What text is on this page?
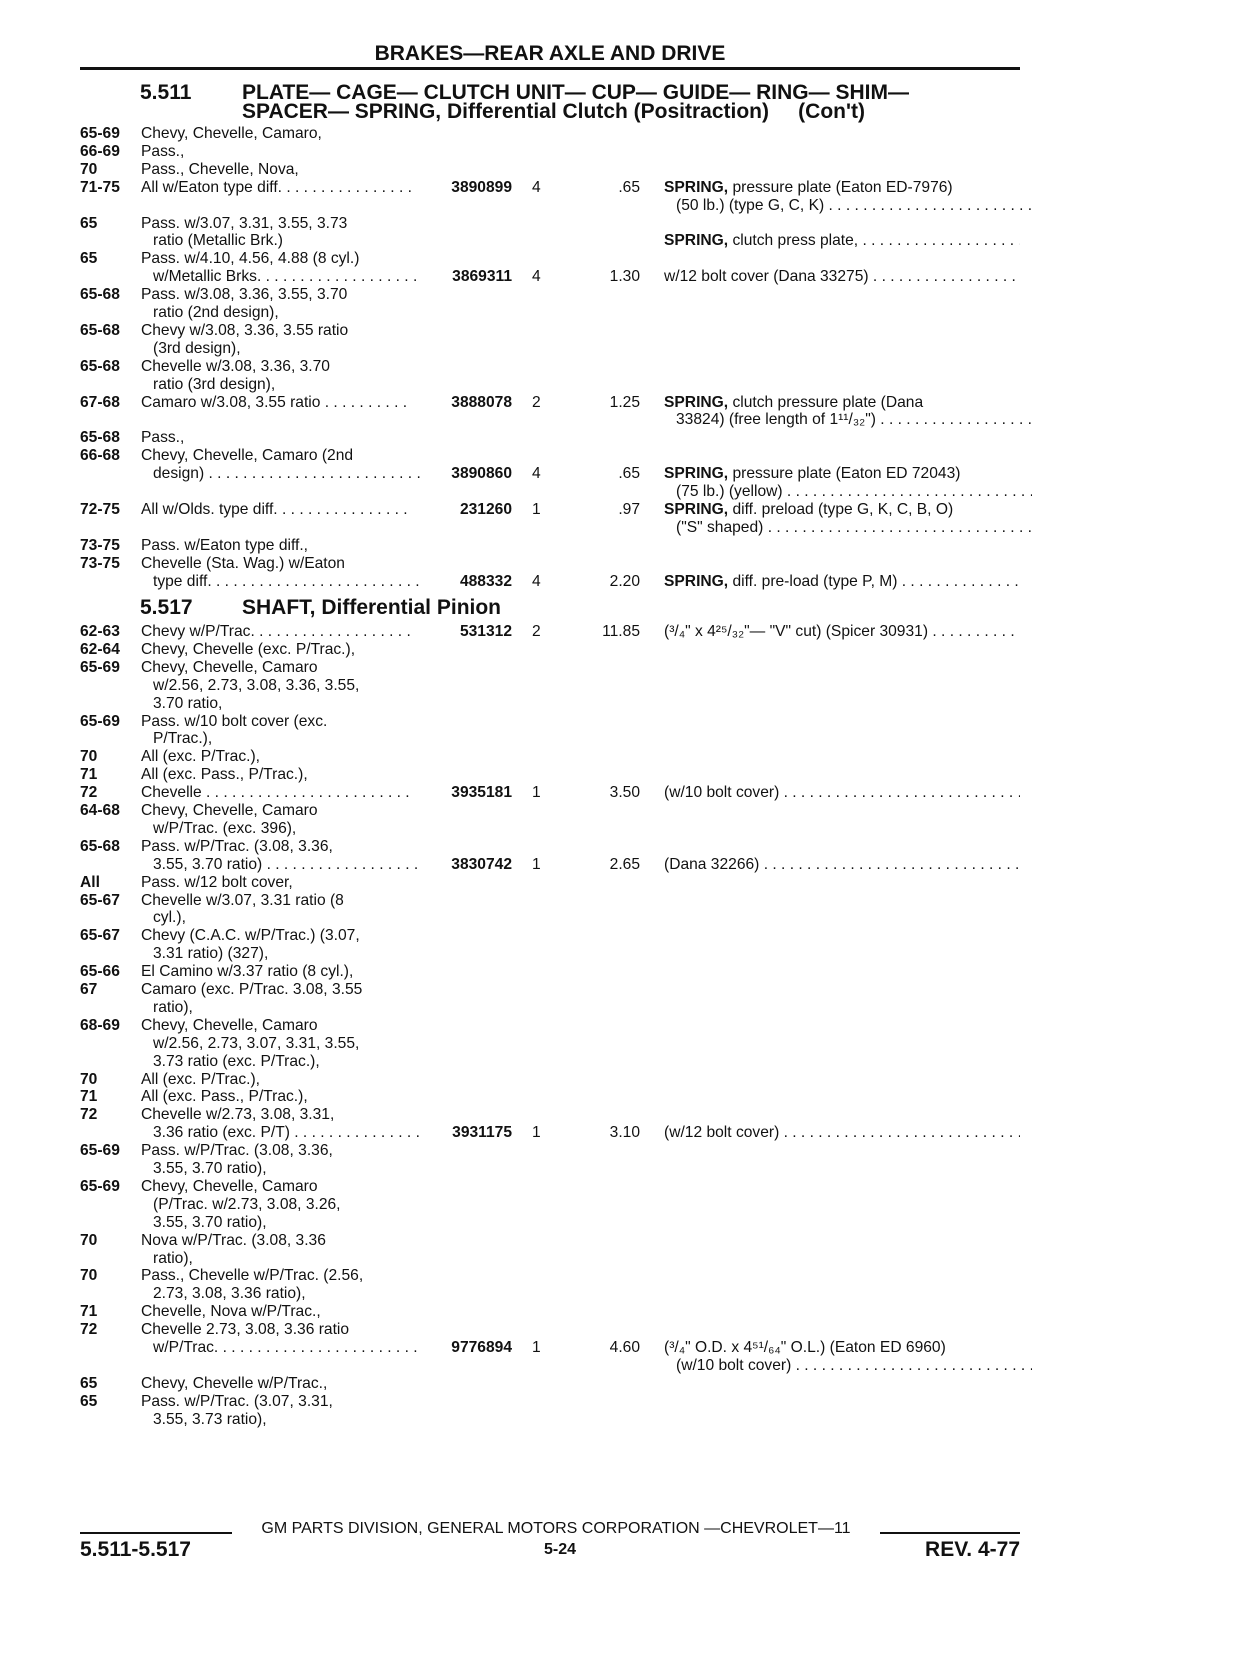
BRAKES—REAR AXLE AND DRIVE
5.511 PLATE— CAGE— CLUTCH UNIT— CUP— GUIDE— RING— SHIM—
SPACER— SPRING, Differential Clutch (Positraction)     (Con't)
65-69	Chevy, Chevelle, Camaro,
66-69	Pass.,
70	Pass., Chevelle, Nova,
71-75	All w/Eaton type diff. . . .	3890899 4	.65 SPRING, pressure plate (Eaton ED-7976)
(50 lb.) (type G, C, K) . . .
65	Pass. w/3.07, 3.31, 3.55, 3.73
ratio (Metallic Brk.)	SPRING, clutch press plate, . . .
65	Pass. w/4.10, 4.56, 4.88 (8 cyl.)
w/Metallic Brks. . . .	3869311 4	1.30 w/12 bolt cover (Dana 33275) . . .
65-68	Pass. w/3.08, 3.36, 3.55, 3.70
ratio (2nd design),
65-68	Chevy w/3.08, 3.36, 3.55 ratio
(3rd design),
65-68	Chevelle w/3.08, 3.36, 3.70
ratio (3rd design),
67-68	Camaro w/3.08, 3.55 ratio . . .	3888078 2	1.25 SPRING, clutch pressure plate (Dana
33824) (free length of 1¹¹/₃₂") . . .
65-68	Pass.,
66-68	Chevy, Chevelle, Camaro (2nd
design) . . .	3890860 4	.65 SPRING, pressure plate (Eaton ED 72043)
(75 lb.) (yellow) . . .
72-75	All w/Olds. type diff. . . .	231260 1	.97 SPRING, diff. preload (type G, K, C, B, O)
("S" shaped) . . .
73-75	Pass. w/Eaton type diff.,
73-75	Chevelle (Sta. Wag.) w/Eaton
type diff. . . .	488332 4	2.20 SPRING, diff. pre-load (type P, M) . . .
5.517 SHAFT, Differential Pinion
62-63	Chevy w/P/Trac. . . .	531312 2	11.85 (³/₄" x 4²⁵/₃₂"— "V" cut) (Spicer 30931) . . .
62-64	Chevy, Chevelle (exc. P/Trac.),
65-69	Chevy, Chevelle, Camaro
w/2.56, 2.73, 3.08, 3.36, 3.55,
3.70 ratio,
65-69	Pass. w/10 bolt cover (exc.
P/Trac.),
70	All (exc. P/Trac.),
71	All (exc. Pass., P/Trac.),
72	Chevelle . . .	3935181 1	3.50 (w/10 bolt cover) . . .
64-68	Chevy, Chevelle, Camaro
w/P/Trac. (exc. 396),
65-68	Pass. w/P/Trac. (3.08, 3.36,
3.55, 3.70 ratio) . . .	3830742 1	2.65 (Dana 32266) . . .
All	Pass. w/12 bolt cover,
65-67	Chevelle w/3.07, 3.31 ratio (8
cyl.),
65-67	Chevy (C.A.C. w/P/Trac.) (3.07,
3.31 ratio) (327),
65-66	El Camino w/3.37 ratio (8 cyl.),
67	Camaro (exc. P/Trac. 3.08, 3.55
ratio),
68-69	Chevy, Chevelle, Camaro
w/2.56, 2.73, 3.07, 3.31, 3.55,
3.73 ratio (exc. P/Trac.),
70	All (exc. P/Trac.),
71	All (exc. Pass., P/Trac.),
72	Chevelle w/2.73, 3.08, 3.31,
3.36 ratio (exc. P/T) . . .	3931175 1	3.10 (w/12 bolt cover) . . .
65-69	Pass. w/P/Trac. (3.08, 3.36,
3.55, 3.70 ratio),
65-69	Chevy, Chevelle, Camaro
(P/Trac. w/2.73, 3.08, 3.26,
3.55, 3.70 ratio),
70	Nova w/P/Trac. (3.08, 3.36
ratio),
70	Pass., Chevelle w/P/Trac. (2.56,
2.73, 3.08, 3.36 ratio),
71	Chevelle, Nova w/P/Trac.,
72	Chevelle 2.73, 3.08, 3.36 ratio
w/P/Trac. . . .	9776894 1	4.60 (³/₄" O.D. x 4⁵¹/₆₄" O.L.) (Eaton ED 6960)
(w/10 bolt cover) . . .
65	Chevy, Chevelle w/P/Trac.,
65	Pass. w/P/Trac. (3.07, 3.31,
3.55, 3.73 ratio),
GM PARTS DIVISION, GENERAL MOTORS CORPORATION —CHEVROLET—11
5.511-5.517	5-24	REV. 4-77
